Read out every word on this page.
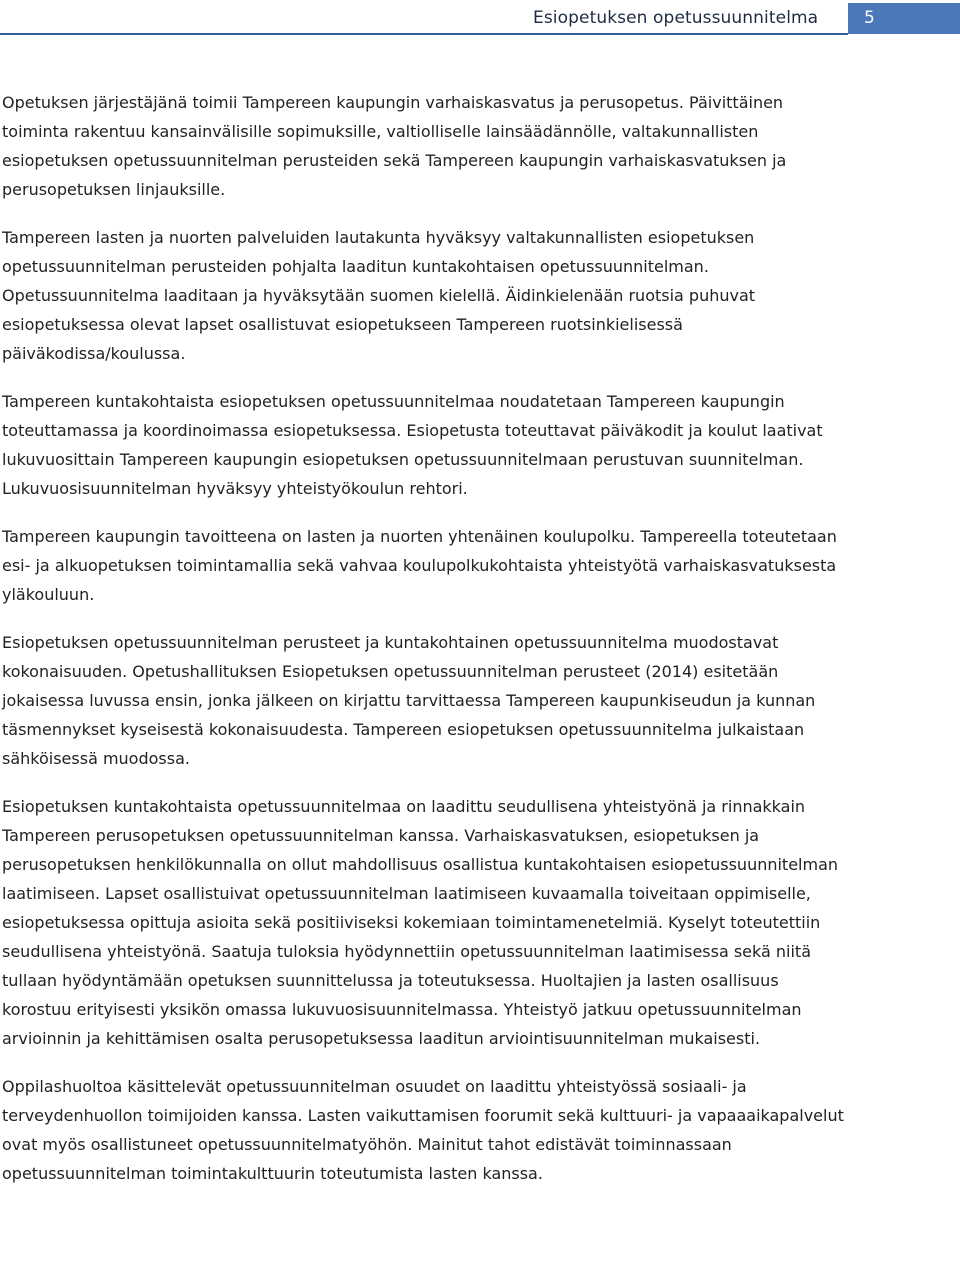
Esiopetuksen opetussuunnitelma	5

Opetuksen järjestäjänä toimii Tampereen kaupungin varhaiskasvatus ja perusopetus. Päivittäinen toiminta rakentuu kansainvälisille sopimuksille, valtiolliselle lainsäädännölle, valtakunnallisten esiopetuksen opetussuunnitelman perusteiden sekä Tampereen kaupungin varhaiskasvatuksen ja perusopetuksen linjauksille.

Tampereen lasten ja nuorten palveluiden lautakunta hyväksyy valtakunnallisten esiopetuksen opetussuunnitelman perusteiden pohjalta laaditun kuntakohtaisen opetussuunnitelman. Opetussuunnitelma laaditaan ja hyväksytään suomen kielellä. Äidinkielenään ruotsia puhuvat esiopetuksessa olevat lapset osallistuvat esiopetukseen Tampereen ruotsinkielisessä päiväkodissa/koulussa.

Tampereen kuntakohtaista esiopetuksen opetussuunnitelmaa noudatetaan Tampereen kaupungin toteuttamassa ja koordinoimassa esiopetuksessa. Esiopetusta toteuttavat päiväkodit ja koulut laativat lukuvuosittain Tampereen kaupungin esiopetuksen opetussuunnitelmaan perustuvan suunnitelman. Lukuvuosisuunnitelman hyväksyy yhteistyökoulun rehtori.

Tampereen kaupungin tavoitteena on lasten ja nuorten yhtenäinen koulupolku. Tampereella toteutetaan esi- ja alkuopetuksen toimintamallia sekä vahvaa koulupolkukohtaista yhteistyötä varhaiskasvatuksesta yläkouluun.

Esiopetuksen opetussuunnitelman perusteet ja kuntakohtainen opetussuunnitelma muodostavat kokonaisuuden. Opetushallituksen Esiopetuksen opetussuunnitelman perusteet (2014) esitetään jokaisessa luvussa ensin, jonka jälkeen on kirjattu tarvittaessa Tampereen kaupunkiseudun ja kunnan täsmennykset kyseisestä kokonaisuudesta. Tampereen esiopetuksen opetussuunnitelma julkaistaan sähköisessä muodossa.

Esiopetuksen kuntakohtaista opetussuunnitelmaa on laadittu seudullisena yhteistyönä ja rinnakkain Tampereen perusopetuksen opetussuunnitelman kanssa. Varhaiskasvatuksen, esiopetuksen ja perusopetuksen henkilökunnalla on ollut mahdollisuus osallistua kuntakohtaisen esiopetussuunnitelman laatimiseen. Lapset osallistuivat opetussuunnitelman laatimiseen kuvaamalla toiveitaan oppimiselle, esiopetuksessa opittuja asioita sekä positiiviseksi kokemiaan toimintamenetelmiä. Kyselyt toteutettiin seudullisena yhteistyönä. Saatuja tuloksia hyödynnettiin opetussuunnitelman laatimisessa sekä niitä tullaan hyödyntämään opetuksen suunnittelussa ja toteutuksessa. Huoltajien ja lasten osallisuus korostuu erityisesti yksikön omassa lukuvuosisuunnitelmassa. Yhteistyö jatkuu opetussuunnitelman arvioinnin ja kehittämisen osalta perusopetuksessa laaditun arviointisuunnitelman mukaisesti.

Oppilashuoltoa käsittelevät opetussuunnitelman osuudet on laadittu yhteistyössä sosiaali- ja terveydenhuollon toimijoiden kanssa. Lasten vaikuttamisen foorumit sekä kulttuuri- ja vapaaaikapalvelut ovat myös osallistuneet opetussuunnitelmatyöhön. Mainitut tahot edistävät toiminnassaan opetussuunnitelman toimintakulttuurin toteutumista lasten kanssa.
